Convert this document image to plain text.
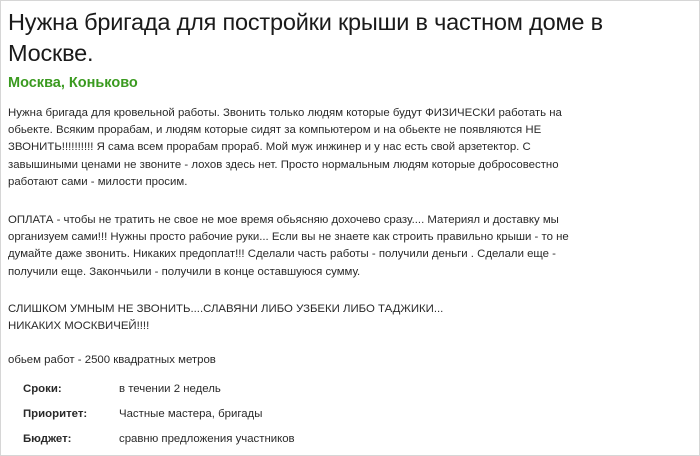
Нужна бригада для постройки крыши в частном доме в Москве.
Москва, Коньково

Нужна бригада для кровельной работы. Звонить только людям которые будут ФИЗИЧЕСКИ работать на
обьекте. Всяким прорабам, и людям которые сидят за компьютером и на обьекте не появляются НЕ
ЗВОНИТЬ!!!!!!!!!! Я сама всем прорабам прораб. Мой муж инжинер и у нас есть свой арзетектор. С
завышиными ценами не звоните - лохов здесь нет. Просто нормальным людям которые добросовестно
работают сами - милости просим.

ОПЛАТА - чтобы не тратить не свое не мое время обьясняю дохочево сразу.... Материял и доставку мы
организуем сами!!! Нужны просто рабочие руки... Если вы не знаете как строить правильно крыши - то не
думайте даже звонить. Никаких предоплат!!! Сделали часть работы - получили деньги . Сделали еще -
получили еще. Закончьили - получили в конце оставшуюся сумму.

СЛИШКОМ УМНЫМ НЕ ЗВОНИТЬ....СЛАВЯНИ ЛИБО УЗБЕКИ ЛИБО ТАДЖИКИ...
НИКАКИХ МОСКВИЧЕЙ!!!!

обьем работ - 2500 квадратных метров

Сроки:	в течении 2 недель
Приоритет:	Частные мастера, бригады
Бюджет:	сравню предложения участников
